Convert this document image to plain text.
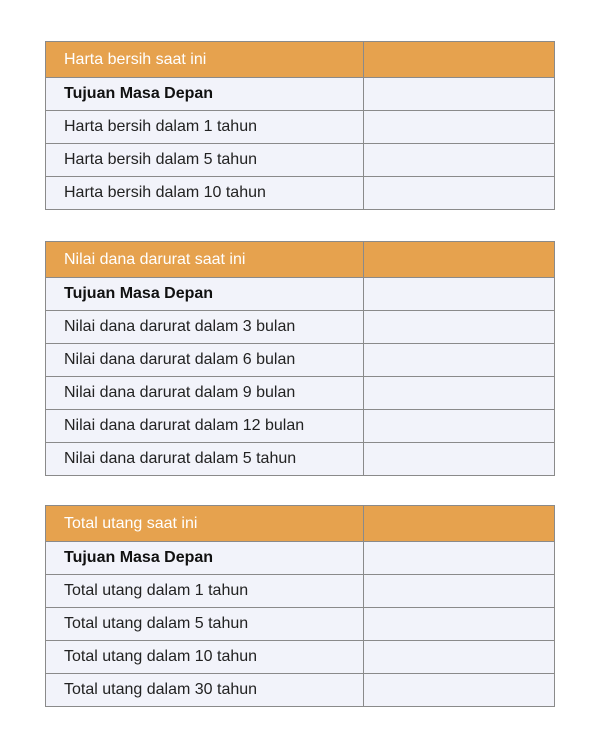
Harta bersih saat ini	
Tujuan Masa Depan	
Harta bersih dalam 1 tahun	
Harta bersih dalam 5 tahun	
Harta bersih dalam 10 tahun	
Nilai dana darurat saat ini	
Tujuan Masa Depan	
Nilai dana darurat dalam 3 bulan	
Nilai dana darurat dalam 6 bulan	
Nilai dana darurat dalam 9 bulan	
Nilai dana darurat dalam 12 bulan	
Nilai dana darurat dalam 5 tahun	
Total utang saat ini	
Tujuan Masa Depan	
Total utang dalam 1 tahun	
Total utang dalam 5 tahun	
Total utang dalam 10 tahun	
Total utang dalam 30 tahun	
